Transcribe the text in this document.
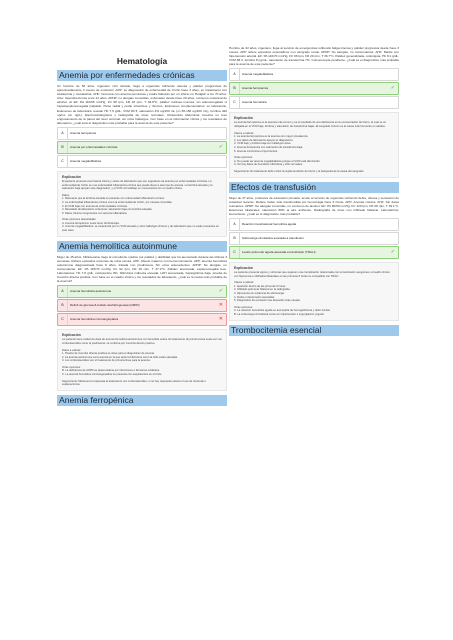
Hematología
Anemia por enfermedades crónicas
Un hombre de 56 años, ingeniero civil retirado, llega a urgencias refiriendo astenia y palidez progresivas de aproximadamente 4 meses de evolución. APP: se diagnosticó de enfermedad de Crohn hace 3 años, en tratamiento con azatioprina y mesalazina. AHF: hermana con anemia perniciosa y padre fallecido por un infarto no Hodgkin a los 70 años. AGo: Apendicectomía a los 12 años. APNP: no alergias conocidas, exfumador desde hace 20 años, consumo ocasional de alcohol. At EF: PA 110/65 mmHg, FC 98 lpm, FR 18 rpm, T 36.8°C; palidez cutáneo-mucosa, sin adenomegalias ni hepatoesplenomegalia palpable. Pulso radial y pedio simétricos y rítmicos. Exámenes complementarios: en laboratorio, Exámenes de laboratorio revelan Hb 7.5 g/dL, VCM 80 fl, saturación 4% ug/100 mL (vn 50-150 ug/100 mL), ferritina 320 ng/mL (vn ug/L). Electrocardiograma y radiografía de tórax normales. Ultrasonido abdominal muestra un leve engrosamiento de la pared del íleon terminal, sin otros hallazgos. Con base en la información clínica y los resultados de laboratorio, ¿cuál será el diagnóstico más probable para la anemia de este paciente?
A	Anemia ferropénica
B	Anemia por enfermedades crónicas	✓
C	Anemia megaloblástica
Explicación
El paciente presenta una historia clínica y varios de laboratorio que son sugestivos de anemia por enfermedades crónicas. La enfermedad de Crohn es una enfermedad inflamatoria crónica que puede llevar a este tipo de anemia. La ferritina elevada y la saturación baja apoyan este diagnóstico, y el VCM normal/bajo en consonancia con el cuadro clínico.
Datos:
1. Relevante que la ferritina elevada en paciente con enfermedad inflamatoria crónica.
2. La enfermedad inflamatoria crónica como la enfermedad de Crohn, por causas conocidas.
3. El VCM bajo con anemia de enfermedades crónicas.
4. Resultado de laboratorio coherente: saturación baja con ferritina elevada.
5. Datos clínicos congruentes con anemia inflamatoria.
Otras opciones descartadas:
A. Anemia ferropénica: suele tener ferritina baja.
C. Anemia megaloblástica: se caracteriza por un VCM elevado y otros hallazgos clínicos y de laboratorio que no están presentes en este caso.
Anemia hemolítica autoinmune
Mujer de 45 años, bibliotecaria, llega al consultorio médico por palidez y debilidad que ha aumentado durante las últimas 3 semanas. Refiere episodios recientes de orina oscura. AHF: Abuelo materno con hemocromatosis. APP: anemia hemolítica autoinmune diagnosticada hace 5 años, tratada con prednisona. Sin otros antecedentes. APNP: No alergias, no toxicomanías. EF: PA 115/70 mmHg, FC 92 lpm, FR 18 rpm, T 37.2°C. Palidez acentuada, esplenomegalia leve. Laboratorios: Hb 7.8 g/dL, reticulocitos 8%, bilirrubina indirecta elevada, LDH aumentada, haptoglobina baja, prueba de Coombs directa positiva. Con base en el cuadro clínico y los resultados de laboratorio, ¿cuál es la causa más probable de la anemia?
A	Anemia hemolítica autoinmune	✓
B	Déficit de glucosa-6-fosfato deshidrogenasa (G6PD)	✕
C	Anemia hemolítica microangiopática	✕
Explicación
La paciente tiene evidencia clara de anemia hemolítica autoinmune con hemólisis activa. El tratamiento de primera línea suele ser con corticosteroides como la prednisona; se confirma por Coombs directo positivo.
Datos a valorar:
1. Prueba de Coombs directa positiva es clave para el diagnóstico de anemia.
2. La anemia autoinmune es la anemia en la que tanto la bilirrubina como la LDH están elevadas.
3. Los corticosteroides son el tratamiento de primera línea para la anemia.
Otras opciones:
B. La deficiencia de G6PD se desencadena por infecciones o fármacos oxidantes.
C. La anemia hemolítica microangiopática se presenta con esquistocitos en el frotis.
Seguimiento: Mantener la respuesta al tratamiento con corticosteroides; si no hay respuesta valorar el uso de rituximab o esplenectomía.
Anemia ferropénica
Hombre de 32 años, ingeniero, llega al servicio de emergencias refiriendo fatiga intensa y palidez progresiva desde hace 3 meses. APP refiere episodios esporádicos con sangrado rectal. APNP: No alergias, no toxicomanías. AHF: Madre con hipertensión arterial. EF: PA 110/70 mmHg, FC 96 lpm, FR 20 rpm, T 36.7°C. Palidez generalizada, coiloniquia. Hb 8.1 g/dL, VCM 68 fl, ferritina 8 ng/mL, saturación de transferrina 7%. Colonoscopía pendiente. ¿Cuál es el diagnóstico más probable para la anemia de este paciente?
A	Anemia megaloblástica
B	Anemia ferropénica	✓
C	Anemia hemolítica
Explicación
La anemia ferropénica es la anemia más común y es el resultado de una deficiencia en la concentración de hierro, la cual se ve reflejada en el VCM bajo, ferritina y saturación de transferrina bajas. El sangrado crónico es la causa más frecuente en adultos.
Claves a valorar:
1. La anemia ferropénica es la anemia con mayor prevalencia.
2. Los datos de laboratorio apoyan el diagnóstico.
3. VCM bajo y ferritina baja son hallazgos clave.
4. Anemia ferropénica con saturación de transferrina baja.
5. Anemia microcítica e hipocrómica.
Otras opciones:
A. No puede ser anemia megaloblástica porque el VCM está disminuido.
C. No hay datos de hemólisis: bilirrubina y LDH normales.
Seguimiento: El tratamiento debe incluir la suplementación de hierro y la búsqueda de la causa del sangrado.
Efectos de transfusión
Mujer de 47 años, profesora de educación primaria, acude al servicio de urgencias refiriendo fiebre, disnea y sensación de ansiedad reciente. Refiere haber sido transfundida por hemorragia hace 6 horas. APP: Anemia crónica. AHF: Sin datos relevantes. APNP: No alergias conocidas, no consumo de alcohol. EF: PA 90/60 mmHg, FC 120 lpm, FR 28 rpm, T 39.1°C. Estertores bilaterales, saturación 86% al aire ambiente. Radiografía de tórax con infiltrado bilateral. Laboratorios: leucocitosis. ¿Cuál es el diagnóstico más probable?
A	Reacción transfusional hemolítica aguda
B	Sobrecarga circulatoria asociada a transfusión
C	Lesión pulmonar aguda asociada a transfusión (TRALI)	✓
Explicación
La paciente presenta signos y síntomas que sugieren una complicación relacionada con la transfusión sanguínea; el cuadro clínico con hipoxemia e infiltrados bilaterales en las primeras 6 horas es compatible con TRALI.
Claves a valorar:
1. Aparición dentro de las primeras 6 horas.
2. Infiltrado pulmonar bilateral en la radiografía.
3. Hipoxemia sin evidencia de sobrecarga.
4. Fiebre e hipotensión asociadas.
5. Diagnóstico de exclusión tras descartar otras causas.
Otras opciones:
A. La reacción hemolítica aguda se acompaña de hemoglobinuria y dolor lumbar.
B. La sobrecarga circulatoria cursa con hipertensión e ingurgitación yugular.
Trombocitemia esencial
